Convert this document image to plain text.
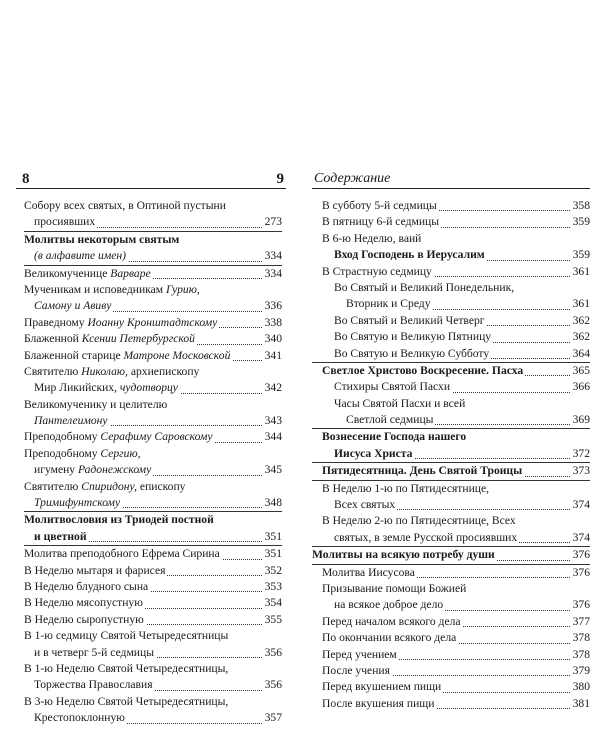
8
Собору всех святых, в Оптиной пустыни
просиявших	273
Молитвы некоторым святым
(в алфавите имен)	334
Великомученице Варваре	334
Мученикам и исповедникам Гурию,
Самону и Авиву	336
Праведному Иоанну Кронштадтскому	338
Блаженной Ксении Петербургской	340
Блаженной старице Матроне Московской	341
Святителю Николаю, архиепископу
Мир Ликийских, чудотворцу	342
Великомученику и целителю
Пантелеимону	343
Преподобному Серафиму Саровскому	344
Преподобному Сергию,
игумену Радонежскому	345
Святителю Спиридону, епископу
Тримифунтскому	348
Молитвословия из Триодей постной
и цветной	351
Молитва преподобного Ефрема Сирина	351
В Неделю мытаря и фарисея	352
В Неделю блудного сына	353
В Неделю мясопустную	354
В Неделю сыропустную	355
В 1-ю седмицу Святой Четыредесятницы
и в четверг 5-й седмицы	356
В 1-ю Неделю Святой Четыредесятницы,
Торжества Православия	356
В 3-ю Неделю Святой Четыредесятницы,
Крестопоклонную	357
Содержание
9
В субботу 5-й седмицы	358
В пятницу 6-й седмицы	359
В 6-ю Неделю, ваий
Вход Господень в Иерусалим	359
В Страстную седмицу	361
Во Святый и Великий Понедельник,
Вторник и Среду	361
Во Святый и Великий Четверг	362
Во Святую и Великую Пятницу	362
Во Святую и Великую Субботу	364
Светлое Христово Воскресение. Пасха	365
Стихиры Святой Пасхи	366
Часы Святой Пасхи и всей
Светлой седмицы	369
Вознесение Господа нашего
Иисуса Христа	372
Пятидесятница. День Святой Троицы	373
В Неделю 1-ю по Пятидесятнице,
Всех святых	374
В Неделю 2-ю по Пятидесятнице, Всех
святых, в земле Русской просиявших	374
Молитвы на всякую потребу души	376
Молитва Иисусова	376
Призывание помощи Божией
на всякое доброе дело	376
Перед началом всякого дела	377
По окончании всякого дела	378
Перед учением	378
После учения	379
Перед вкушением пищи	380
После вкушения пищи	381
